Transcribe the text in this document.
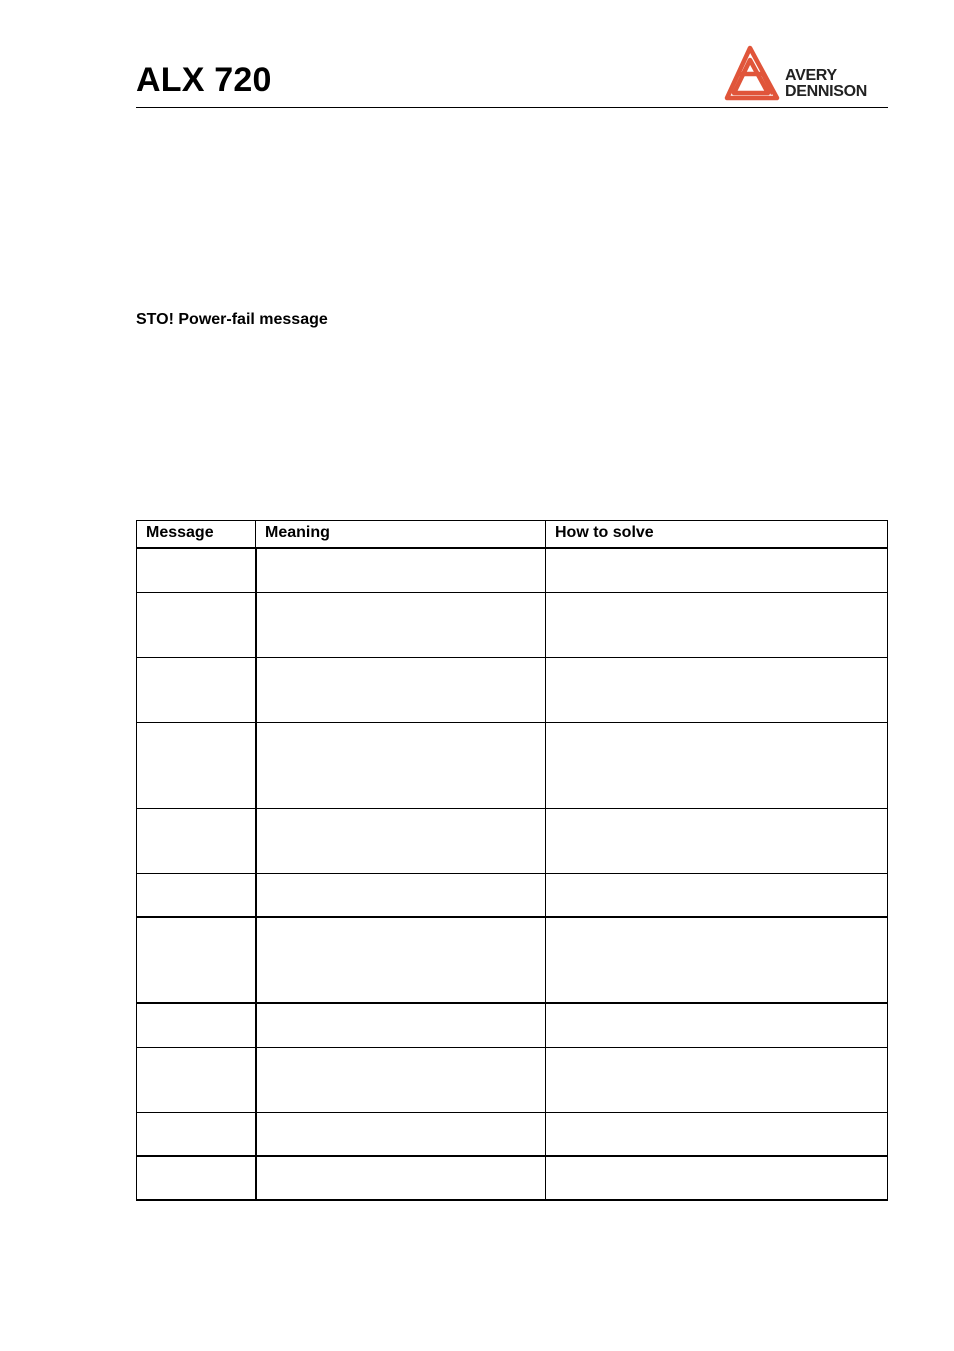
ALX 720	AVERY
DENNISON
STO! Power-fail message
Message	Meaning	How to solve
